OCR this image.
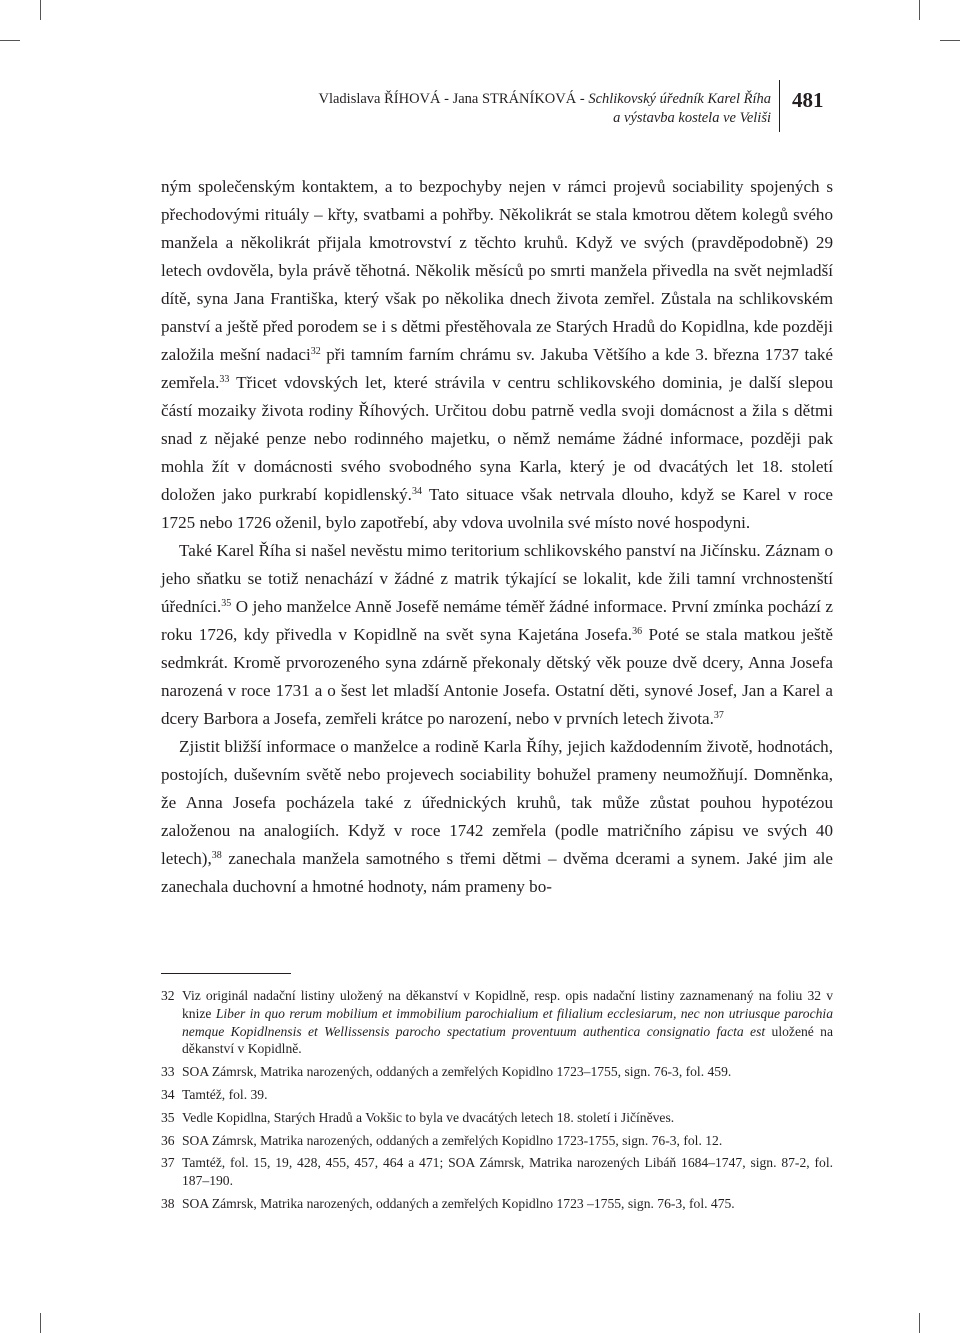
Vladislava ŘÍHOVÁ - Jana STRÁNÍKOVÁ - Schlikovský úředník Karel Říha
a výstavba kostela ve Veliši
481

ným společenským kontaktem, a to bezpochyby nejen v rámci projevů sociability spojených s přechodovými rituály – křty, svatbami a pohřby. Několikrát se stala kmotrou dětem kolegů svého manžela a několikrát přijala kmotrovství z těchto kruhů. Když ve svých (pravděpodobně) 29 letech ovdověla, byla právě těhotná. Několik měsíců po smrti manžela přivedla na svět nejmladší dítě, syna Jana Františka, který však po několika dnech života zemřel. Zůstala na schlikovském panství a ještě před porodem se i s dětmi přestěhovala ze Starých Hradů do Kopidlna, kde později založila mešní nadaci$^{32}$ při tamním farním chrámu sv. Jakuba Většího a kde 3. března 1737 také zemřela.$^{33}$ Třicet vdovských let, které strávila v centru schlikovského dominia, je další slepou částí mozaiky života rodiny Říhových. Určitou dobu patrně vedla svoji domácnost a žila s dětmi snad z nějaké penze nebo rodinného majetku, o němž nemáme žádné informace, později pak mohla žít v domácnosti svého svobodného syna Karla, který je od dvacátých let 18. století doložen jako purkrabí kopidlenský.$^{34}$ Tato situace však netrvala dlouho, když se Karel v roce 1725 nebo 1726 oženil, bylo zapotřebí, aby vdova uvolnila své místo nové hospodyni.

Také Karel Říha si našel nevěstu mimo teritorium schlikovského panství na Jičínsku. Záznam o jeho sňatku se totiž nenachází v žádné z matrik týkající se lokalit, kde žili tamní vrchnostenští úředníci.$^{35}$ O jeho manželce Anně Josefě nemáme téměř žádné informace. První zmínka pochází z roku 1726, kdy přivedla v Kopidlně na svět syna Kajetána Josefa.$^{36}$ Poté se stala matkou ještě sedmkrát. Kromě prvorozeného syna zdárně překonaly dětský věk pouze dvě dcery, Anna Josefa narozená v roce 1731 a o šest let mladší Antonie Josefa. Ostatní děti, synové Josef, Jan a Karel a dcery Barbora a Josefa, zemřeli krátce po narození, nebo v prvních letech života.$^{37}$

Zjistit bližší informace o manželce a rodině Karla Říhy, jejich každodenním životě, hodnotách, postojích, duševním světě nebo projevech sociability bohužel prameny neumožňují. Domněnka, že Anna Josefa pocházela také z úřednických kruhů, tak může zůstat pouhou hypotézou založenou na analogiích. Když v roce 1742 zemřela (podle matričního zápisu ve svých 40 letech),$^{38}$ zanechala manžela samotného s třemi dětmi – dvěma dcerami a synem. Jaké jim ale zanechala duchovní a hmotné hodnoty, nám prameny bo-

32 Viz originál nadační listiny uložený na děkanství v Kopidlně, resp. opis nadační listiny zaznamenaný na foliu 32 v knize Liber in quo rerum mobilium et immobilium parochialium et filialium ecclesiarum, nec non utriusque parochia nemque Kopidlnensis et Wellissensis parocho spectatium proventuum authentica consignatio facta est uložené na děkanství v Kopidlně.
33 SOA Zámrsk, Matrika narozených, oddaných a zemřelých Kopidlno 1723–1755, sign. 76-3, fol. 459.
34 Tamtéž, fol. 39.
35 Vedle Kopidlna, Starých Hradů a Vokšic to byla ve dvacátých letech 18. století i Jičíněves.
36 SOA Zámrsk, Matrika narozených, oddaných a zemřelých Kopidlno 1723-1755, sign. 76-3, fol. 12.
37 Tamtéž, fol. 15, 19, 428, 455, 457, 464 a 471; SOA Zámrsk, Matrika narozených Libáň 1684–1747, sign. 87-2, fol. 187–190.
38 SOA Zámrsk, Matrika narozených, oddaných a zemřelých Kopidlno 1723 –1755, sign. 76-3, fol. 475.
